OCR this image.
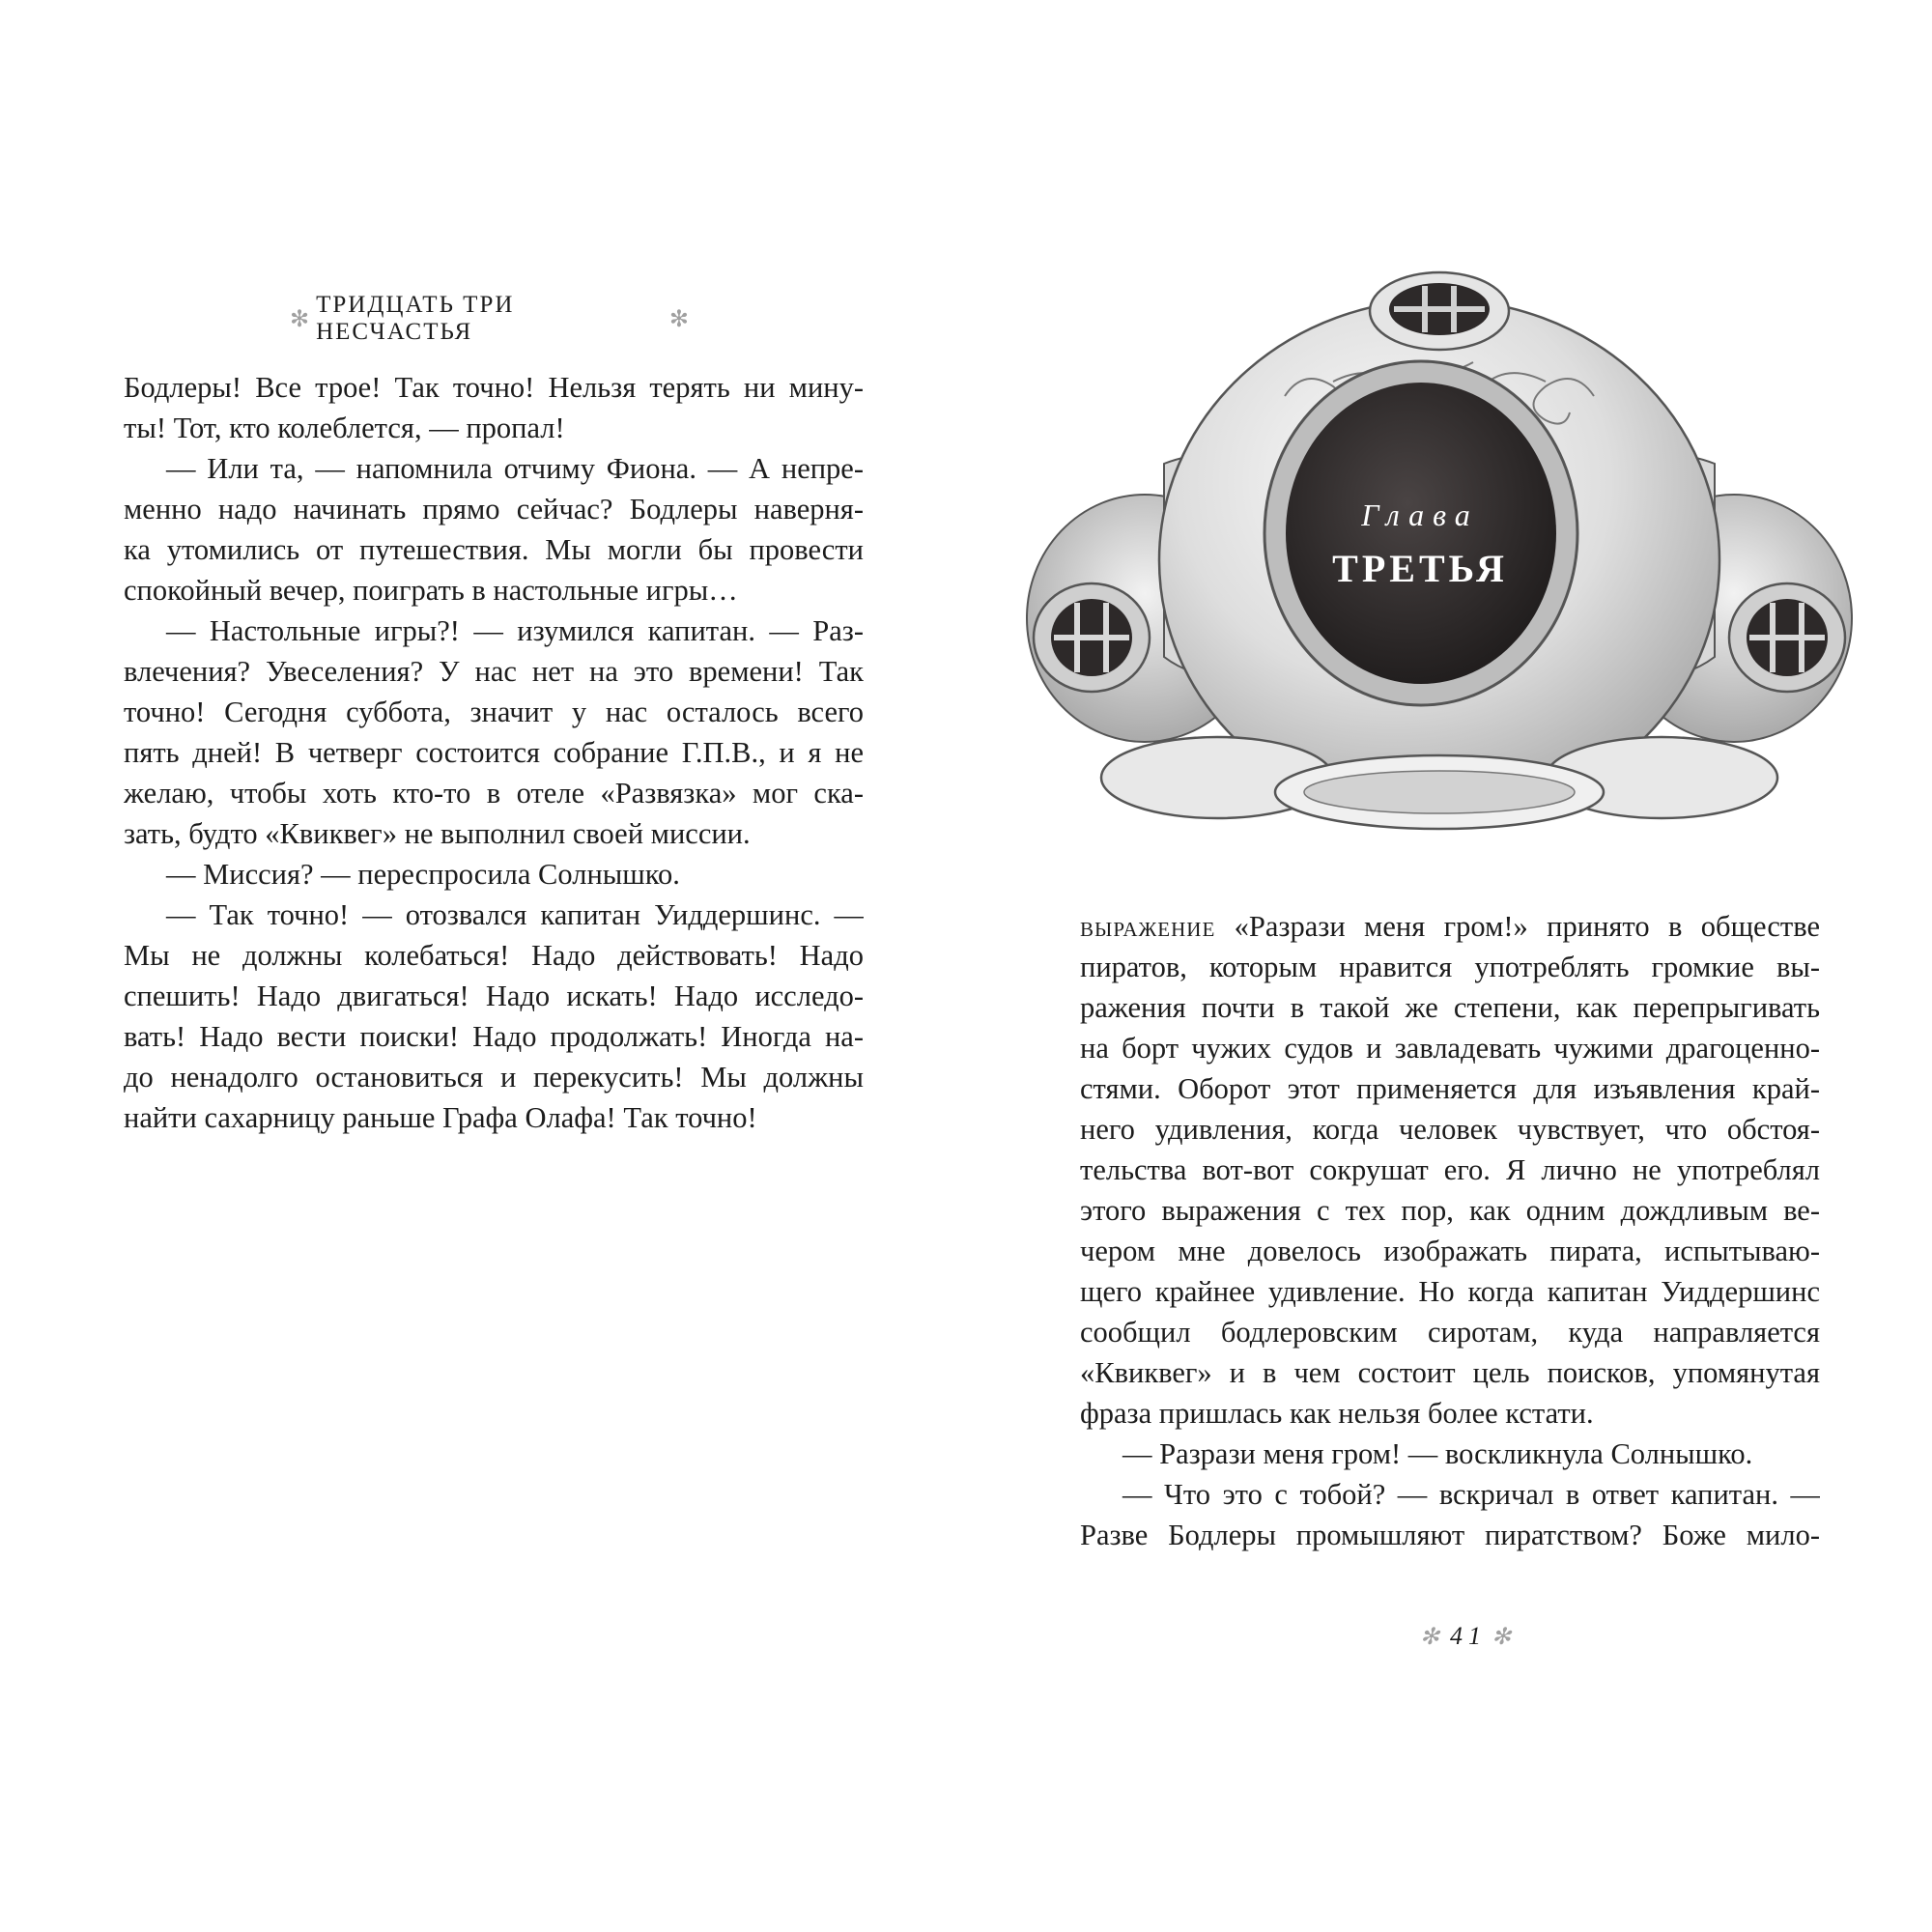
✻
ТРИДЦАТЬ ТРИ НЕСЧАСТЬЯ	✻
Бодлеры! Все трое! Так точно! Нельзя терять ни мину-
ты! Тот, кто колеблется, — пропал!
— Или та, — напомнила отчиму Фиона. — А непре-
менно надо начинать прямо сейчас? Бодлеры наверня-
ка утомились от путешествия. Мы могли бы провести
спокойный вечер, поиграть в настольные игры…
— Настольные игры?! — изумился капитан. — Раз-
влечения? Увеселения? У нас нет на это времени! Так
точно! Сегодня суббота, значит у нас осталось всего
пять дней! В четверг состоится собрание Г.П.В., и я не
желаю, чтобы хоть кто-то в отеле «Развязка» мог ска-
зать, будто «Квиквег» не выполнил своей миссии.
— Миссия? — переспросила Солнышко.
— Так точно! — отозвался капитан Уиддершинс. —
Мы не должны колебаться! Надо действовать! Надо
спешить! Надо двигаться! Надо искать! Надо исследо-
вать! Надо вести поиски! Надо продолжать! Иногда на-
до ненадолго остановиться и перекусить! Мы должны
найти сахарницу раньше Графа Олафа! Так точно!
Глава
ТРЕТЬЯ
выражение «Разрази меня гром!» принято в обществе
пиратов, которым нравится употреблять громкие вы-
ражения почти в такой же степени, как перепрыгивать
на борт чужих судов и завладевать чужими драгоценно-
стями. Оборот этот применяется для изъявления край-
него удивления, когда человек чувствует, что обстоя-
тельства вот-вот сокрушат его. Я лично не употреблял
этого выражения с тех пор, как одним дождливым ве-
чером мне довелось изображать пирата, испытываю-
щего крайнее удивление. Но когда капитан Уиддершинс
сообщил бодлеровским сиротам, куда направляется
«Квиквег» и в чем состоит цель поисков, упомянутая
фраза пришлась как нельзя более кстати.
— Разрази меня гром! — воскликнула Солнышко.
— Что это с тобой? — вскричал в ответ капитан. —
Разве Бодлеры промышляют пиратством? Боже мило-
✻ 41 ✻
